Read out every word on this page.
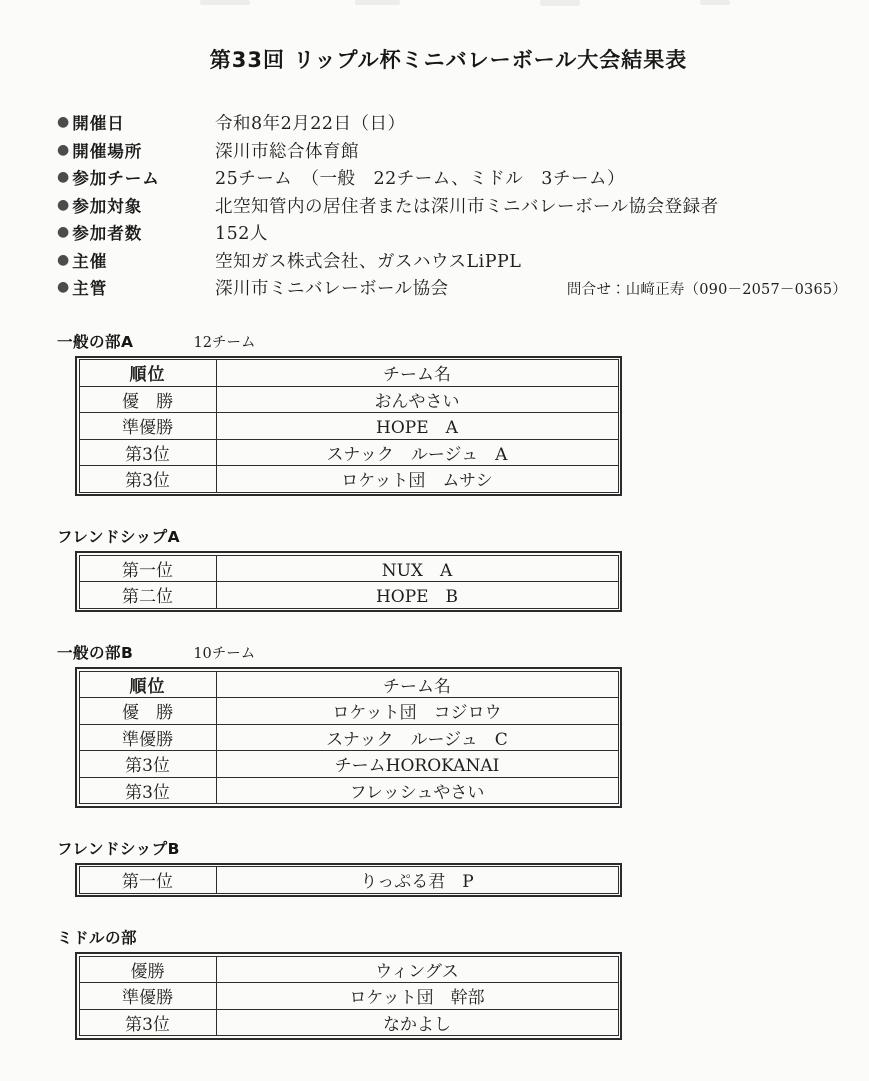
第33回 リップル杯ミニバレーボール大会結果表
● 開催日	令和8年2月22日（日）
● 開催場所	深川市総合体育館
● 参加チーム	25チーム　（一般　22チーム、ミドル　3チーム）
● 参加対象	北空知管内の居住者または深川市ミニバレーボール協会登録者
● 参加者数	152人
● 主催	空知ガス株式会社、ガスハウスLiPPL
● 主管	深川市ミニバレーボール協会	問合せ：山﨑正寿（090－2057－0365）
一般の部A	12チーム
順位	チーム名
優　勝	おんやさい
準優勝	HOPE　A
第3位	スナック　ルージュ　A
第3位	ロケット団　ムサシ
フレンドシップA
第一位	NUX　A
第二位	HOPE　B
一般の部B	10チーム
順位	チーム名
優　勝	ロケット団　コジロウ
準優勝	スナック　ルージュ　C
第3位	チームHOROKANAI
第3位	フレッシュやさい
フレンドシップB
第一位	りっぷる君　P
ミドルの部
優勝	ウィングス
準優勝	ロケット団　幹部
第3位	なかよし
